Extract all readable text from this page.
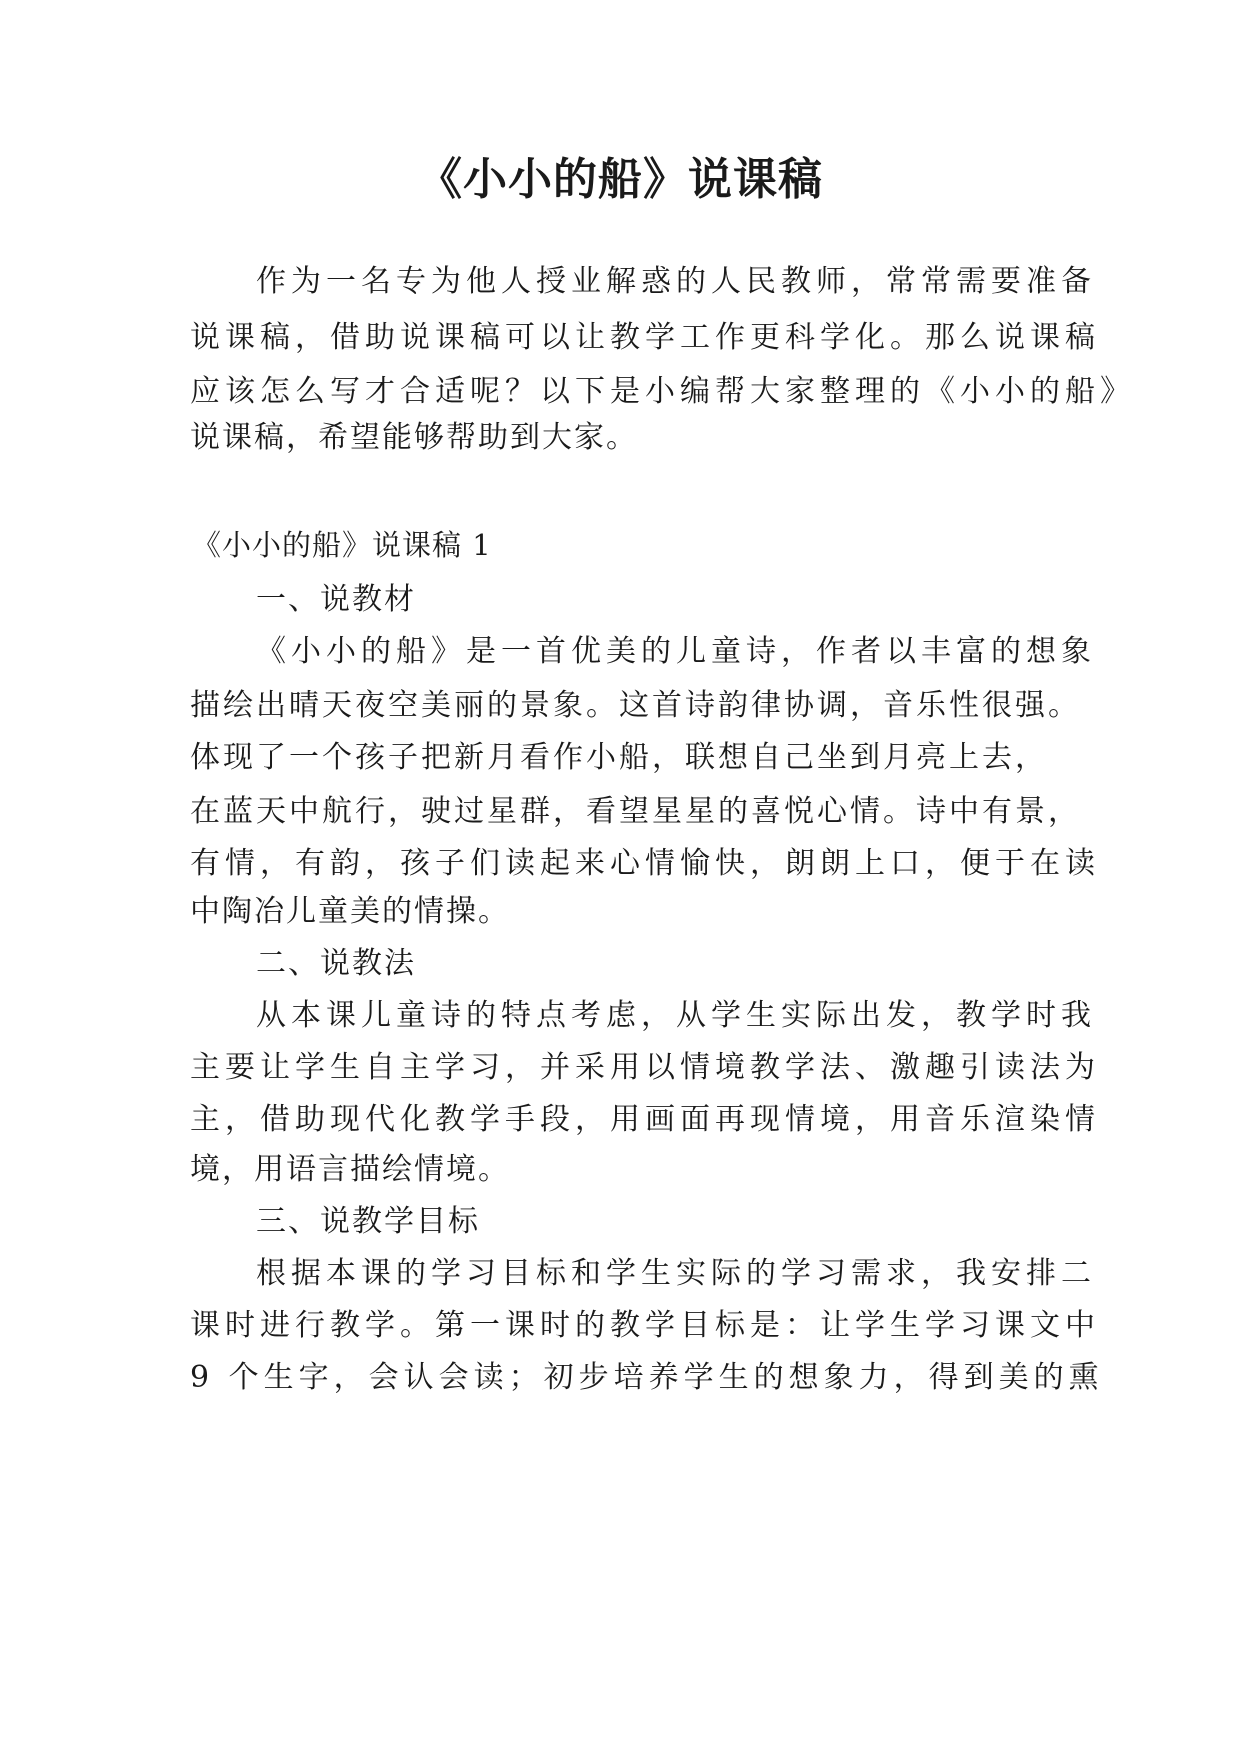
《小小的船》说课稿

作为一名专为他人授业解惑的人民教师，常常需要准备

说课稿，借助说课稿可以让教学工作更科学化。那么说课稿

应该怎么写才合适呢？以下是小编帮大家整理的《小小的船》

说课稿，希望能够帮助到大家。

《小小的船》说课稿 1

一、说教材

《小小的船》是一首优美的儿童诗，作者以丰富的想象

描绘出晴天夜空美丽的景象。这首诗韵律协调，音乐性很强。

体现了一个孩子把新月看作小船，联想自己坐到月亮上去，

在蓝天中航行，驶过星群，看望星星的喜悦心情。诗中有景，

有情，有韵，孩子们读起来心情愉快，朗朗上口，便于在读

中陶冶儿童美的情操。

二、说教法

从本课儿童诗的特点考虑，从学生实际出发，教学时我

主要让学生自主学习，并采用以情境教学法、激趣引读法为

主，借助现代化教学手段，用画面再现情境，用音乐渲染情

境，用语言描绘情境。

三、说教学目标

根据本课的学习目标和学生实际的学习需求，我安排二

课时进行教学。第一课时的教学目标是：让学生学习课文中

9 个生字，会认会读；初步培养学生的想象力，得到美的熏
